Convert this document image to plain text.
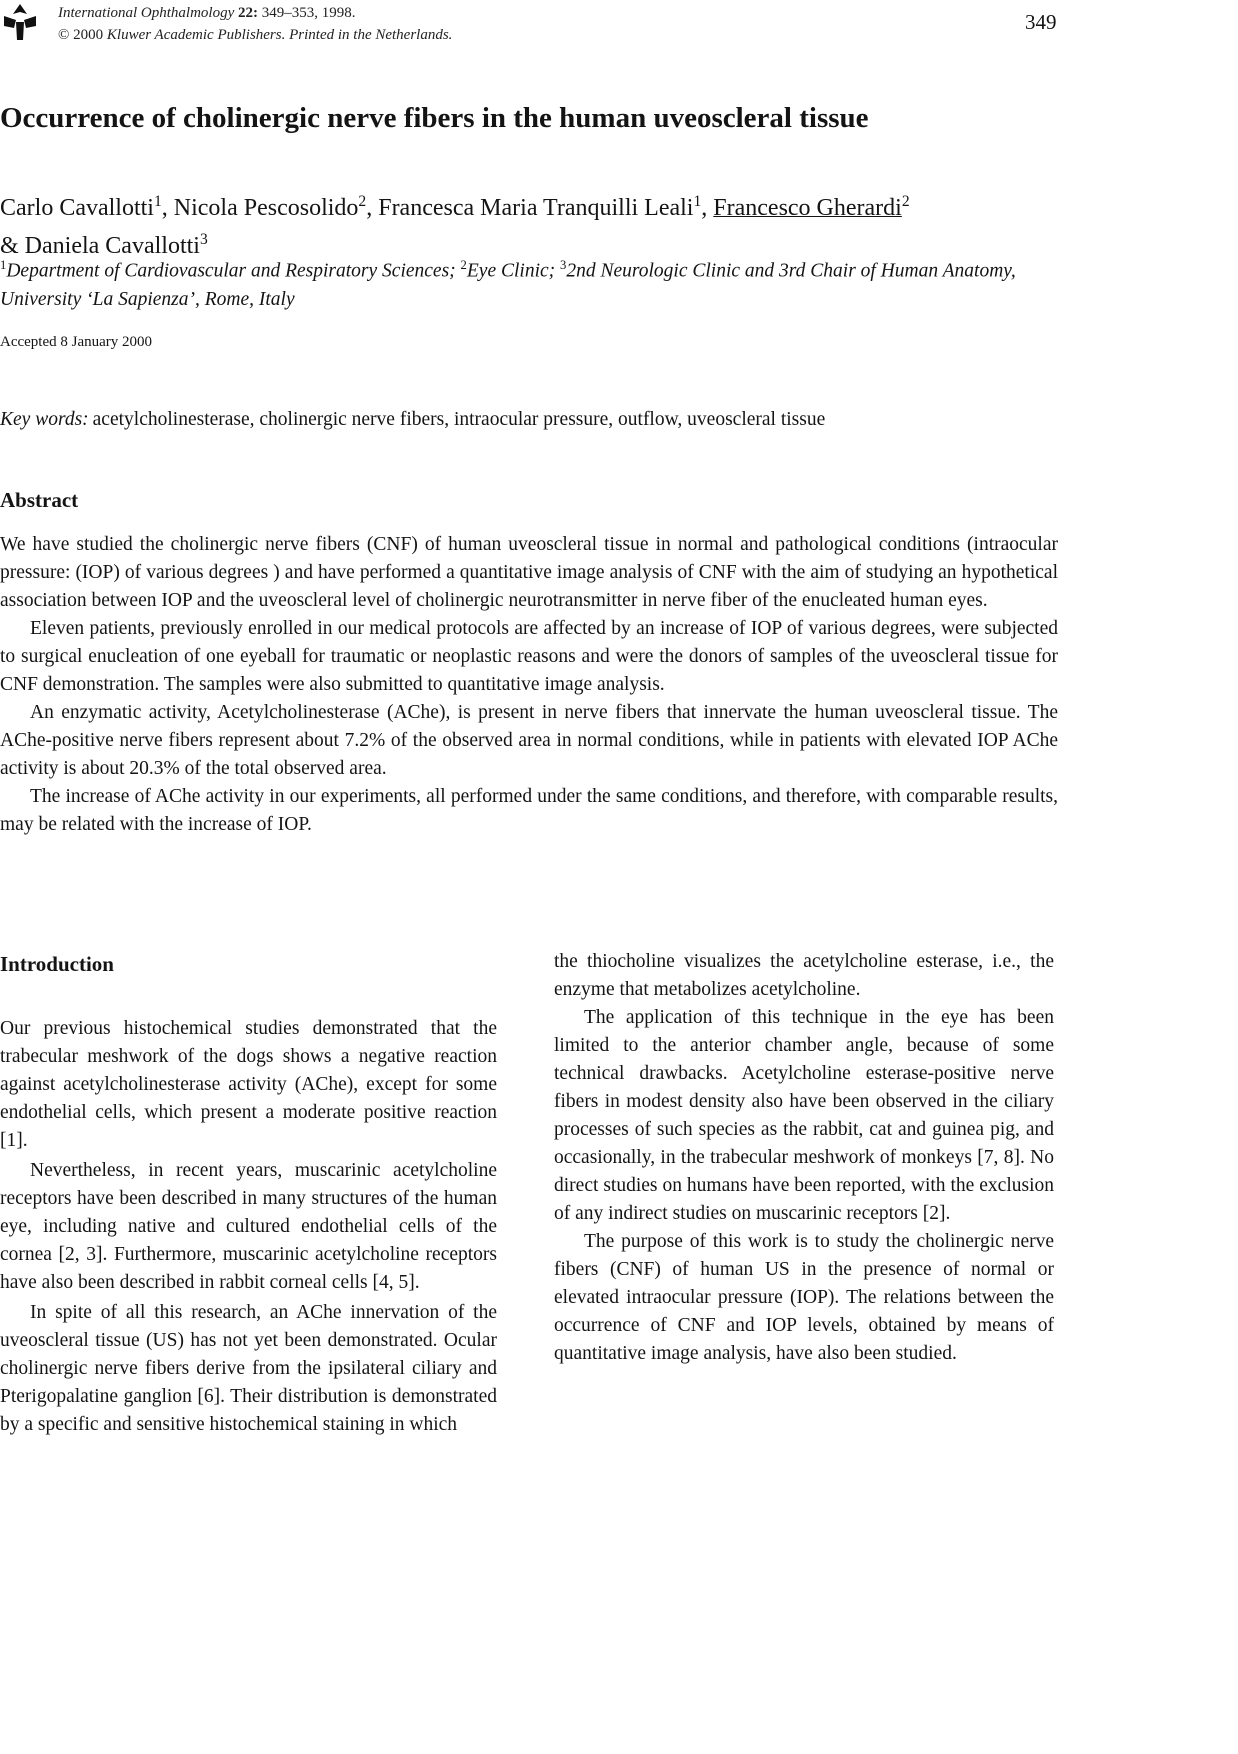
International Ophthalmology 22: 349–353, 1998.
© 2000 Kluwer Academic Publishers. Printed in the Netherlands.
349
Occurrence of cholinergic nerve fibers in the human uveoscleral tissue
Carlo Cavallotti$^1$, Nicola Pescosolido$^2$, Francesca Maria Tranquilli Leali$^1$, Francesco Gherardi$^2$
& Daniela Cavallotti$^3$
$^1$Department of Cardiovascular and Respiratory Sciences; $^2$Eye Clinic; $^3$2nd Neurologic Clinic and 3rd Chair of Human Anatomy, University ‘La Sapienza’, Rome, Italy
Accepted 8 January 2000
Key words: acetylcholinesterase, cholinergic nerve fibers, intraocular pressure, outflow, uveoscleral tissue
Abstract

We have studied the cholinergic nerve fibers (CNF) of human uveoscleral tissue in normal and pathological conditions (intraocular pressure: (IOP) of various degrees ) and have performed a quantitative image analysis of CNF with the aim of studying an hypothetical association between IOP and the uveoscleral level of cholinergic neurotransmitter in nerve fiber of the enucleated human eyes.

Eleven patients, previously enrolled in our medical protocols are affected by an increase of IOP of various degrees, were subjected to surgical enucleation of one eyeball for traumatic or neoplastic reasons and were the donors of samples of the uveoscleral tissue for CNF demonstration. The samples were also submitted to quantitative image analysis.

An enzymatic activity, Acetylcholinesterase (AChe), is present in nerve fibers that innervate the human uveoscleral tissue. The AChe-positive nerve fibers represent about 7.2% of the observed area in normal conditions, while in patients with elevated IOP AChe activity is about 20.3% of the total observed area.

The increase of AChe activity in our experiments, all performed under the same conditions, and therefore, with comparable results, may be related with the increase of IOP.

Introduction

Our previous histochemical studies demonstrated that the trabecular meshwork of the dogs shows a negative reaction against acetylcholinesterase activity (AChe), except for some endothelial cells, which present a moderate positive reaction [1].

Nevertheless, in recent years, muscarinic acetylcholine receptors have been described in many structures of the human eye, including native and cultured endothelial cells of the cornea [2, 3]. Furthermore, muscarinic acetylcholine receptors have also been described in rabbit corneal cells [4, 5].

In spite of all this research, an AChe innervation of the uveoscleral tissue (US) has not yet been demonstrated. Ocular cholinergic nerve fibers derive from the ipsilateral ciliary and Pterigopalatine ganglion [6]. Their distribution is demonstrated by a specific and sensitive histochemical staining in which

the thiocholine visualizes the acetylcholine esterase, i.e., the enzyme that metabolizes acetylcholine.

The application of this technique in the eye has been limited to the anterior chamber angle, because of some technical drawbacks. Acetylcholine esterase-positive nerve fibers in modest density also have been observed in the ciliary processes of such species as the rabbit, cat and guinea pig, and occasionally, in the trabecular meshwork of monkeys [7, 8]. No direct studies on humans have been reported, with the exclusion of any indirect studies on muscarinic receptors [2].

The purpose of this work is to study the cholinergic nerve fibers (CNF) of human US in the presence of normal or elevated intraocular pressure (IOP). The relations between the occurrence of CNF and IOP levels, obtained by means of quantitative image analysis, have also been studied.
